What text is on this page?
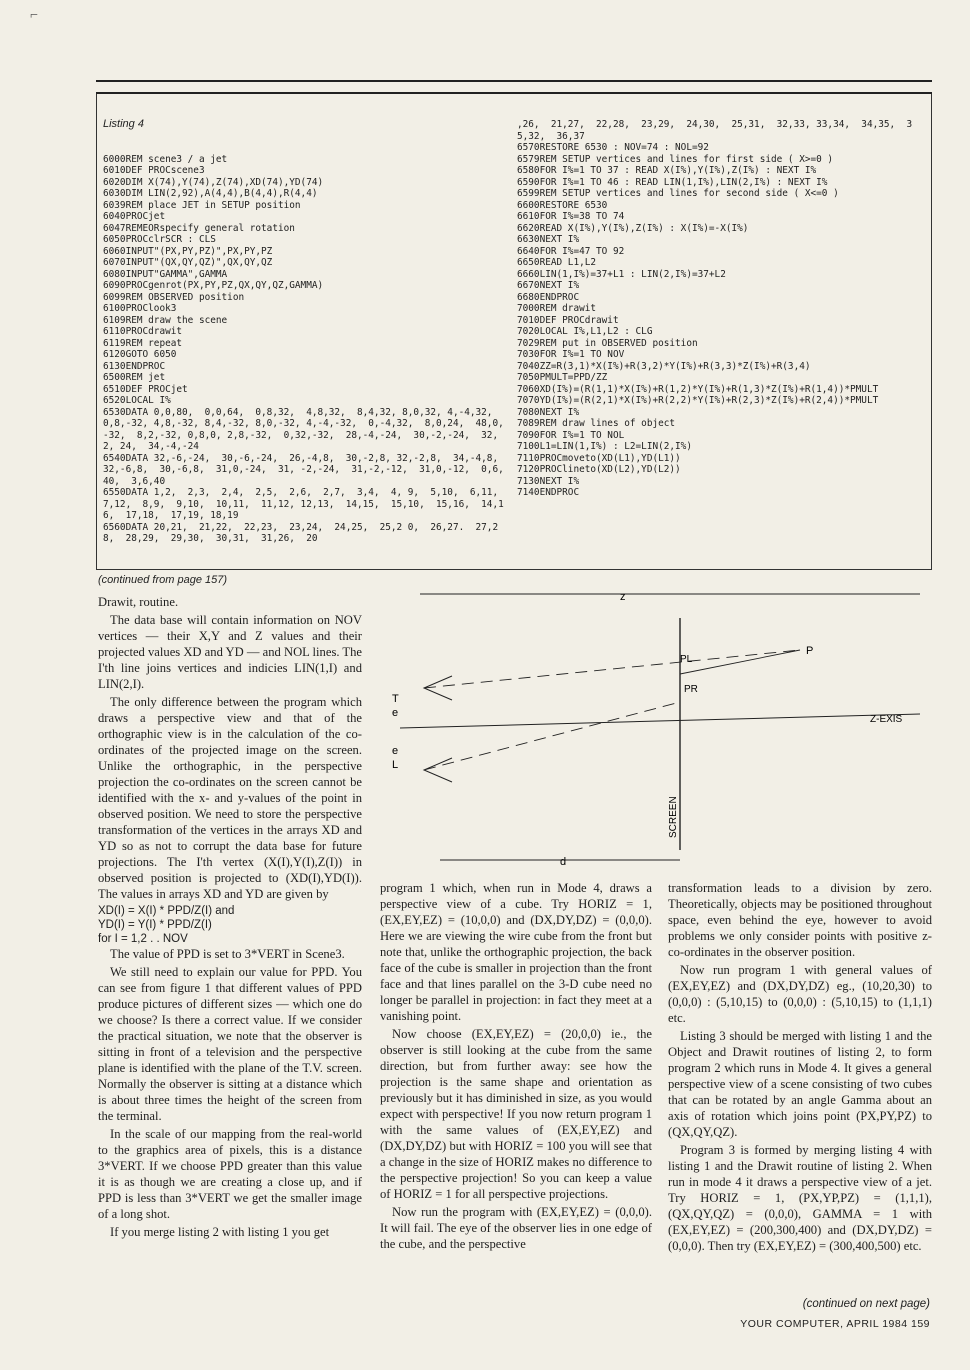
⌐

Listing 4

6000REM scene3 / a jet
6010DEF PROCscene3
6020DIM X(74),Y(74),Z(74),XD(74),YD(74)
6030DIM LIN(2,92),A(4,4),B(4,4),R(4,4)
6039REM place JET in SETUP position
6040PROCjet
6047REMEORspecify general rotation
6050PROCclrSCR : CLS
6060INPUT"(PX,PY,PZ)",PX,PY,PZ
6070INPUT"(QX,QY,QZ)",QX,QY,QZ
6080INPUT"GAMMA",GAMMA
6090PROCgenrot(PX,PY,PZ,QX,QY,QZ,GAMMA)
6099REM OBSERVED position
6100PROClook3
6109REM draw the scene
6110PROCdrawit
6119REM repeat
6120GOTO 6050
6130ENDPROC
6500REM jet
6510DEF PROCjet
6520LOCAL I%
6530DATA 0,0,80,  0,0,64,  0,8,32,  4,8,32,  8,4,32, 8,0,32, 4,-4,32,  0,8,-32, 4,8,-32, 8,4,-32, 8,0,-32, 4,-4,-32,  0,-4,32,  8,0,24,  48,0,-32,  8,2,-32, 0,8,0, 2,8,-32,  0,32,-32,  28,-4,-24,  30,-2,-24,  32, 2, 24,  34,-4,-24
6540DATA 32,-6,-24,  30,-6,-24,  26,-4,8,  30,-2,8, 32,-2,8,  34,-4,8,  32,-6,8,  30,-6,8,  31,0,-24,  31, -2,-24,  31,-2,-12,  31,0,-12,  0,6,40,  3,6,40
6550DATA 1,2,  2,3,  2,4,  2,5,  2,6,  2,7,  3,4,  4, 9,  5,10,  6,11,  7,12,  8,9,  9,10,  10,11,  11,12, 12,13,  14,15,  15,10,  15,16,  14,16,  17,18,  17,19, 18,19
6560DATA 20,21,  21,22,  22,23,  23,24,  24,25,  25,2 0,  26,27.  27,28,  28,29,  29,30,  30,31,  31,26,  20

,26,  21,27,  22,28,  23,29,  24,30,  25,31,  32,33, 33,34,  34,35,  35,32,  36,37
6570RESTORE 6530 : NOV=74 : NOL=92
6579REM SETUP vertices and lines for first side ( X>=0 )
6580FOR I%=1 TO 37 : READ X(I%),Y(I%),Z(I%) : NEXT I%
6590FOR I%=1 TO 46 : READ LIN(1,I%),LIN(2,I%) : NEXT I%
6599REM SETUP vertices and lines for second side ( X<=0 )
6600RESTORE 6530
6610FOR I%=38 TO 74
6620READ X(I%),Y(I%),Z(I%) : X(I%)=-X(I%)
6630NEXT I%
6640FOR I%=47 TO 92
6650READ L1,L2
6660LIN(1,I%)=37+L1 : LIN(2,I%)=37+L2
6670NEXT I%
6680ENDPROC
7000REM drawit
7010DEF PROCdrawit
7020LOCAL I%,L1,L2 : CLG
7029REM put in OBSERVED position
7030FOR I%=1 TO NOV
7040ZZ=R(3,1)*X(I%)+R(3,2)*Y(I%)+R(3,3)*Z(I%)+R(3,4)
7050PMULT=PPD/ZZ
7060XD(I%)=(R(1,1)*X(I%)+R(1,2)*Y(I%)+R(1,3)*Z(I%)+R(1,4))*PMULT
7070YD(I%)=(R(2,1)*X(I%)+R(2,2)*Y(I%)+R(2,3)*Z(I%)+R(2,4))*PMULT
7080NEXT I%
7089REM draw lines of object
7090FOR I%=1 TO NOL
7100L1=LIN(1,I%) : L2=LIN(2,I%)
7110PROCmoveto(XD(L1),YD(L1))
7120PROClineto(XD(L2),YD(L2))
7130NEXT I%
7140ENDPROC

(continued from page 157)

Drawit, routine.

The data base will contain information on NOV vertices — their X,Y and Z values and their projected values XD and YD — and NOL lines. The I'th line joins vertices and indicies LIN(1,I) and LIN(2,I).

The only difference between the program which draws a perspective view and that of the orthographic view is in the calculation of the co-ordinates of the projected image on the screen. Unlike the orthographic, in the perspective projection the co-ordinates on the screen cannot be identified with the x- and y-values of the point in observed position. We need to store the perspective transformation of the vertices in the arrays XD and YD so as not to corrupt the data base for future projections. The I'th vertex (X(I),Y(I),Z(I)) in observed position is projected to (XD(I),YD(I)). The values in arrays XD and YD are given by

XD(I) = X(I) * PPD/Z(I) and

YD(I) = Y(I) * PPD/Z(I)

for I = 1,2 . . NOV

The value of PPD is set to 3*VERT in Scene3.

We still need to explain our value for PPD. You can see from figure 1 that different values of PPD produce pictures of different sizes — which one do we choose? Is there a correct value. If we consider the practical situation, we note that the observer is sitting in front of a television and the perspective plane is identified with the plane of the T.V. screen. Normally the observer is sitting at a distance which is about three times the height of the screen from the terminal.

In the scale of our mapping from the real-world to the graphics area of pixels, this is a distance 3*VERT. If we choose PPD greater than this value it is as though we are creating a close up, and if PPD is less than 3*VERT we get the smaller image of a long shot.

If you merge listing 2 with listing 1 you get

z
PL
PR
P
Z-EXIS
T
e
e
L
SCREEN
d

program 1 which, when run in Mode 4, draws a perspective view of a cube. Try HORIZ = 1, (EX,EY,EZ) = (10,0,0) and (DX,DY,DZ) = (0,0,0). Here we are viewing the wire cube from the front but note that, unlike the orthographic projection, the back face of the cube is smaller in projection than the front face and that lines parallel on the 3-D cube need no longer be parallel in projection: in fact they meet at a vanishing point.

Now choose (EX,EY,EZ) = (20,0,0) ie., the observer is still looking at the cube from the same direction, but from further away: see how the projection is the same shape and orientation as previously but it has diminished in size, as you would expect with perspective! If you now return program 1 with the same values of (EX,EY,EZ) and (DX,DY,DZ) but with HORIZ = 100 you will see that a change in the size of HORIZ makes no difference to the perspective projection! So you can keep a value of HORIZ = 1 for all perspective projections.

Now run the program with (EX,EY,EZ) = (0,0,0). It will fail. The eye of the observer lies in one edge of the cube, and the perspective

transformation leads to a division by zero. Theoretically, objects may be positioned throughout space, even behind the eye, however to avoid problems we only consider points with positive z-co-ordinates in the observer position.

Now run program 1 with general values of (EX,EY,EZ) and (DX,DY,DZ) eg., (10,20,30) to (0,0,0) : (5,10,15) to (0,0,0) : (5,10,15) to (1,1,1) etc.

Listing 3 should be merged with listing 1 and the Object and Drawit routines of listing 2, to form program 2 which runs in Mode 4. It gives a general perspective view of a scene consisting of two cubes that can be rotated by an angle Gamma about an axis of rotation which joins point (PX,PY,PZ) to (QX,QY,QZ).

Program 3 is formed by merging listing 4 with listing 1 and the Drawit routine of listing 2. When run in mode 4 it draws a perspective view of a jet. Try HORIZ = 1, (PX,YP,PZ) = (1,1,1), (QX,QY,QZ) = (0,0,0), GAMMA = 1 with (EX,EY,EZ) = (200,300,400) and (DX,DY,DZ) = (0,0,0). Then try (EX,EY,EZ) = (300,400,500) etc.

(continued on next page)
YOUR COMPUTER, APRIL 1984 159
